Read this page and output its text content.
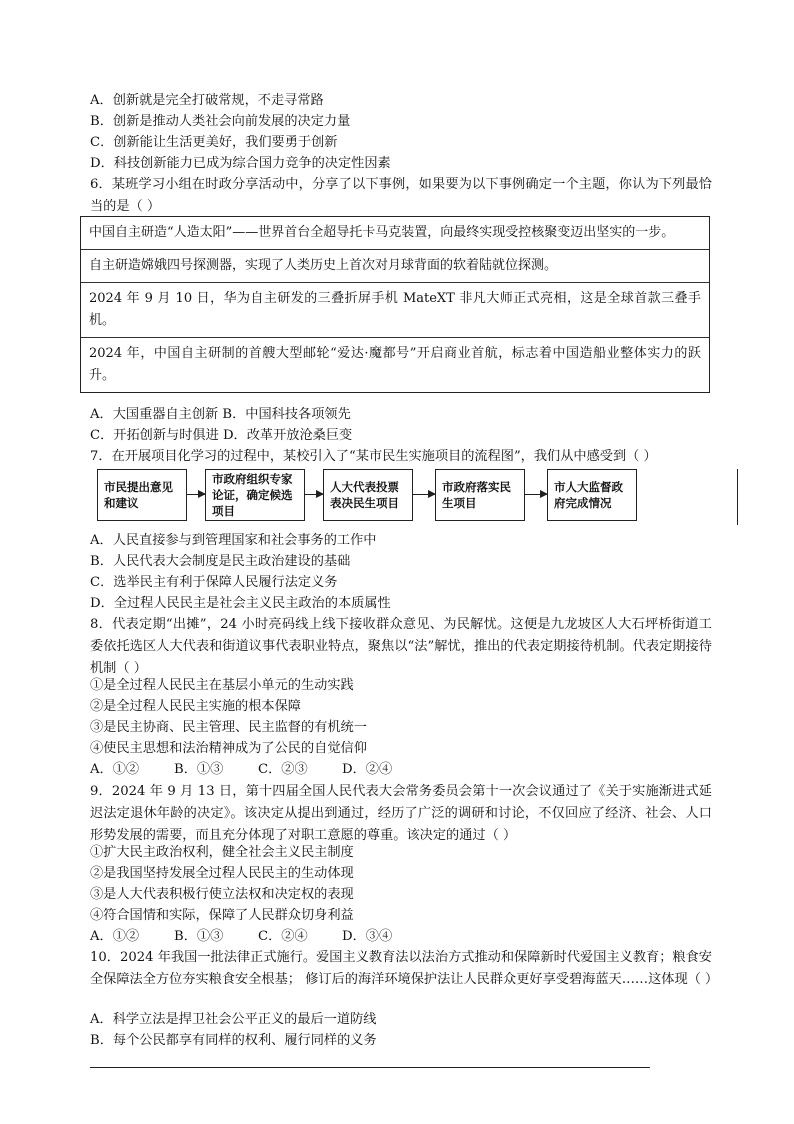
A．创新就是完全打破常规，不走寻常路
B．创新是推动人类社会向前发展的决定力量
C．创新能让生活更美好，我们要勇于创新
D．科技创新能力已成为综合国力竞争的决定性因素
6．某班学习小组在时政分享活动中，分享了以下事例，如果要为以下事例确定一个主题，你认为下列最恰当的是（ ）
中国自主研造“人造太阳”——世界首台全超导托卡马克装置，向最终实现受控核聚变迈出坚实的一步。
自主研造嫦娥四号探测器，实现了人类历史上首次对月球背面的软着陆就位探测。
2024 年 9 月 10 日，华为自主研发的三叠折屏手机 MateXT 非凡大师正式亮相，这是全球首款三叠手机。
2024 年，中国自主研制的首艘大型邮轮“爱达·魔都号”开启商业首航，标志着中国造船业整体实力的跃升。
A．大国重器自主创新 B．中国科技各项领先
C．开拓创新与时俱进 D．改革开放沧桑巨变
7．在开展项目化学习的过程中，某校引入了“某市民生实施项目的流程图”，我们从中感受到（ ）
市民提出意见和建议
市政府组织专家论证，确定候选项目
人大代表投票表决民生项目
市政府落实民生项目
市人大监督政府完成情况
A．人民直接参与到管理国家和社会事务的工作中
B．人民代表大会制度是民主政治建设的基础
C．选举民主有利于保障人民履行法定义务
D．全过程人民民主是社会主义民主政治的本质属性
8．代表定期“出摊”，24 小时亮码线上线下接收群众意见、为民解忧。这便是九龙坡区人大石坪桥街道工委依托选区人大代表和街道议事代表职业特点，聚焦以“法”解忧，推出的代表定期接待机制。代表定期接待机制（ ）
①是全过程人民民主在基层小单元的生动实践
②是全过程人民民主实施的根本保障
③是民主协商、民主管理、民主监督的有机统一
④使民主思想和法治精神成为了公民的自觉信仰
A．①②	B．①③	C．②③	D．②④
9．2024 年 9 月 13 日，第十四届全国人民代表大会常务委员会第十一次会议通过了《关于实施渐进式延迟法定退休年龄的决定》。该决定从提出到通过，经历了广泛的调研和讨论，不仅回应了经济、社会、人口形势发展的需要，而且充分体现了对职工意愿的尊重。该决定的通过（ ）
①扩大民主政治权利，健全社会主义民主制度
②是我国坚持发展全过程人民民主的生动体现
③是人大代表积极行使立法权和决定权的表现
④符合国情和实际，保障了人民群众切身利益
A．①②	B．①③	C．②④	D．③④
10．2024 年我国一批法律正式施行。爱国主义教育法以法治方式推动和保障新时代爱国主义教育；粮食安全保障法全方位夯实粮食安全根基； 修订后的海洋环境保护法让人民群众更好享受碧海蓝天……这体现（ ）
A．科学立法是捍卫社会公平正义的最后一道防线
B．每个公民都享有同样的权利、履行同样的义务
